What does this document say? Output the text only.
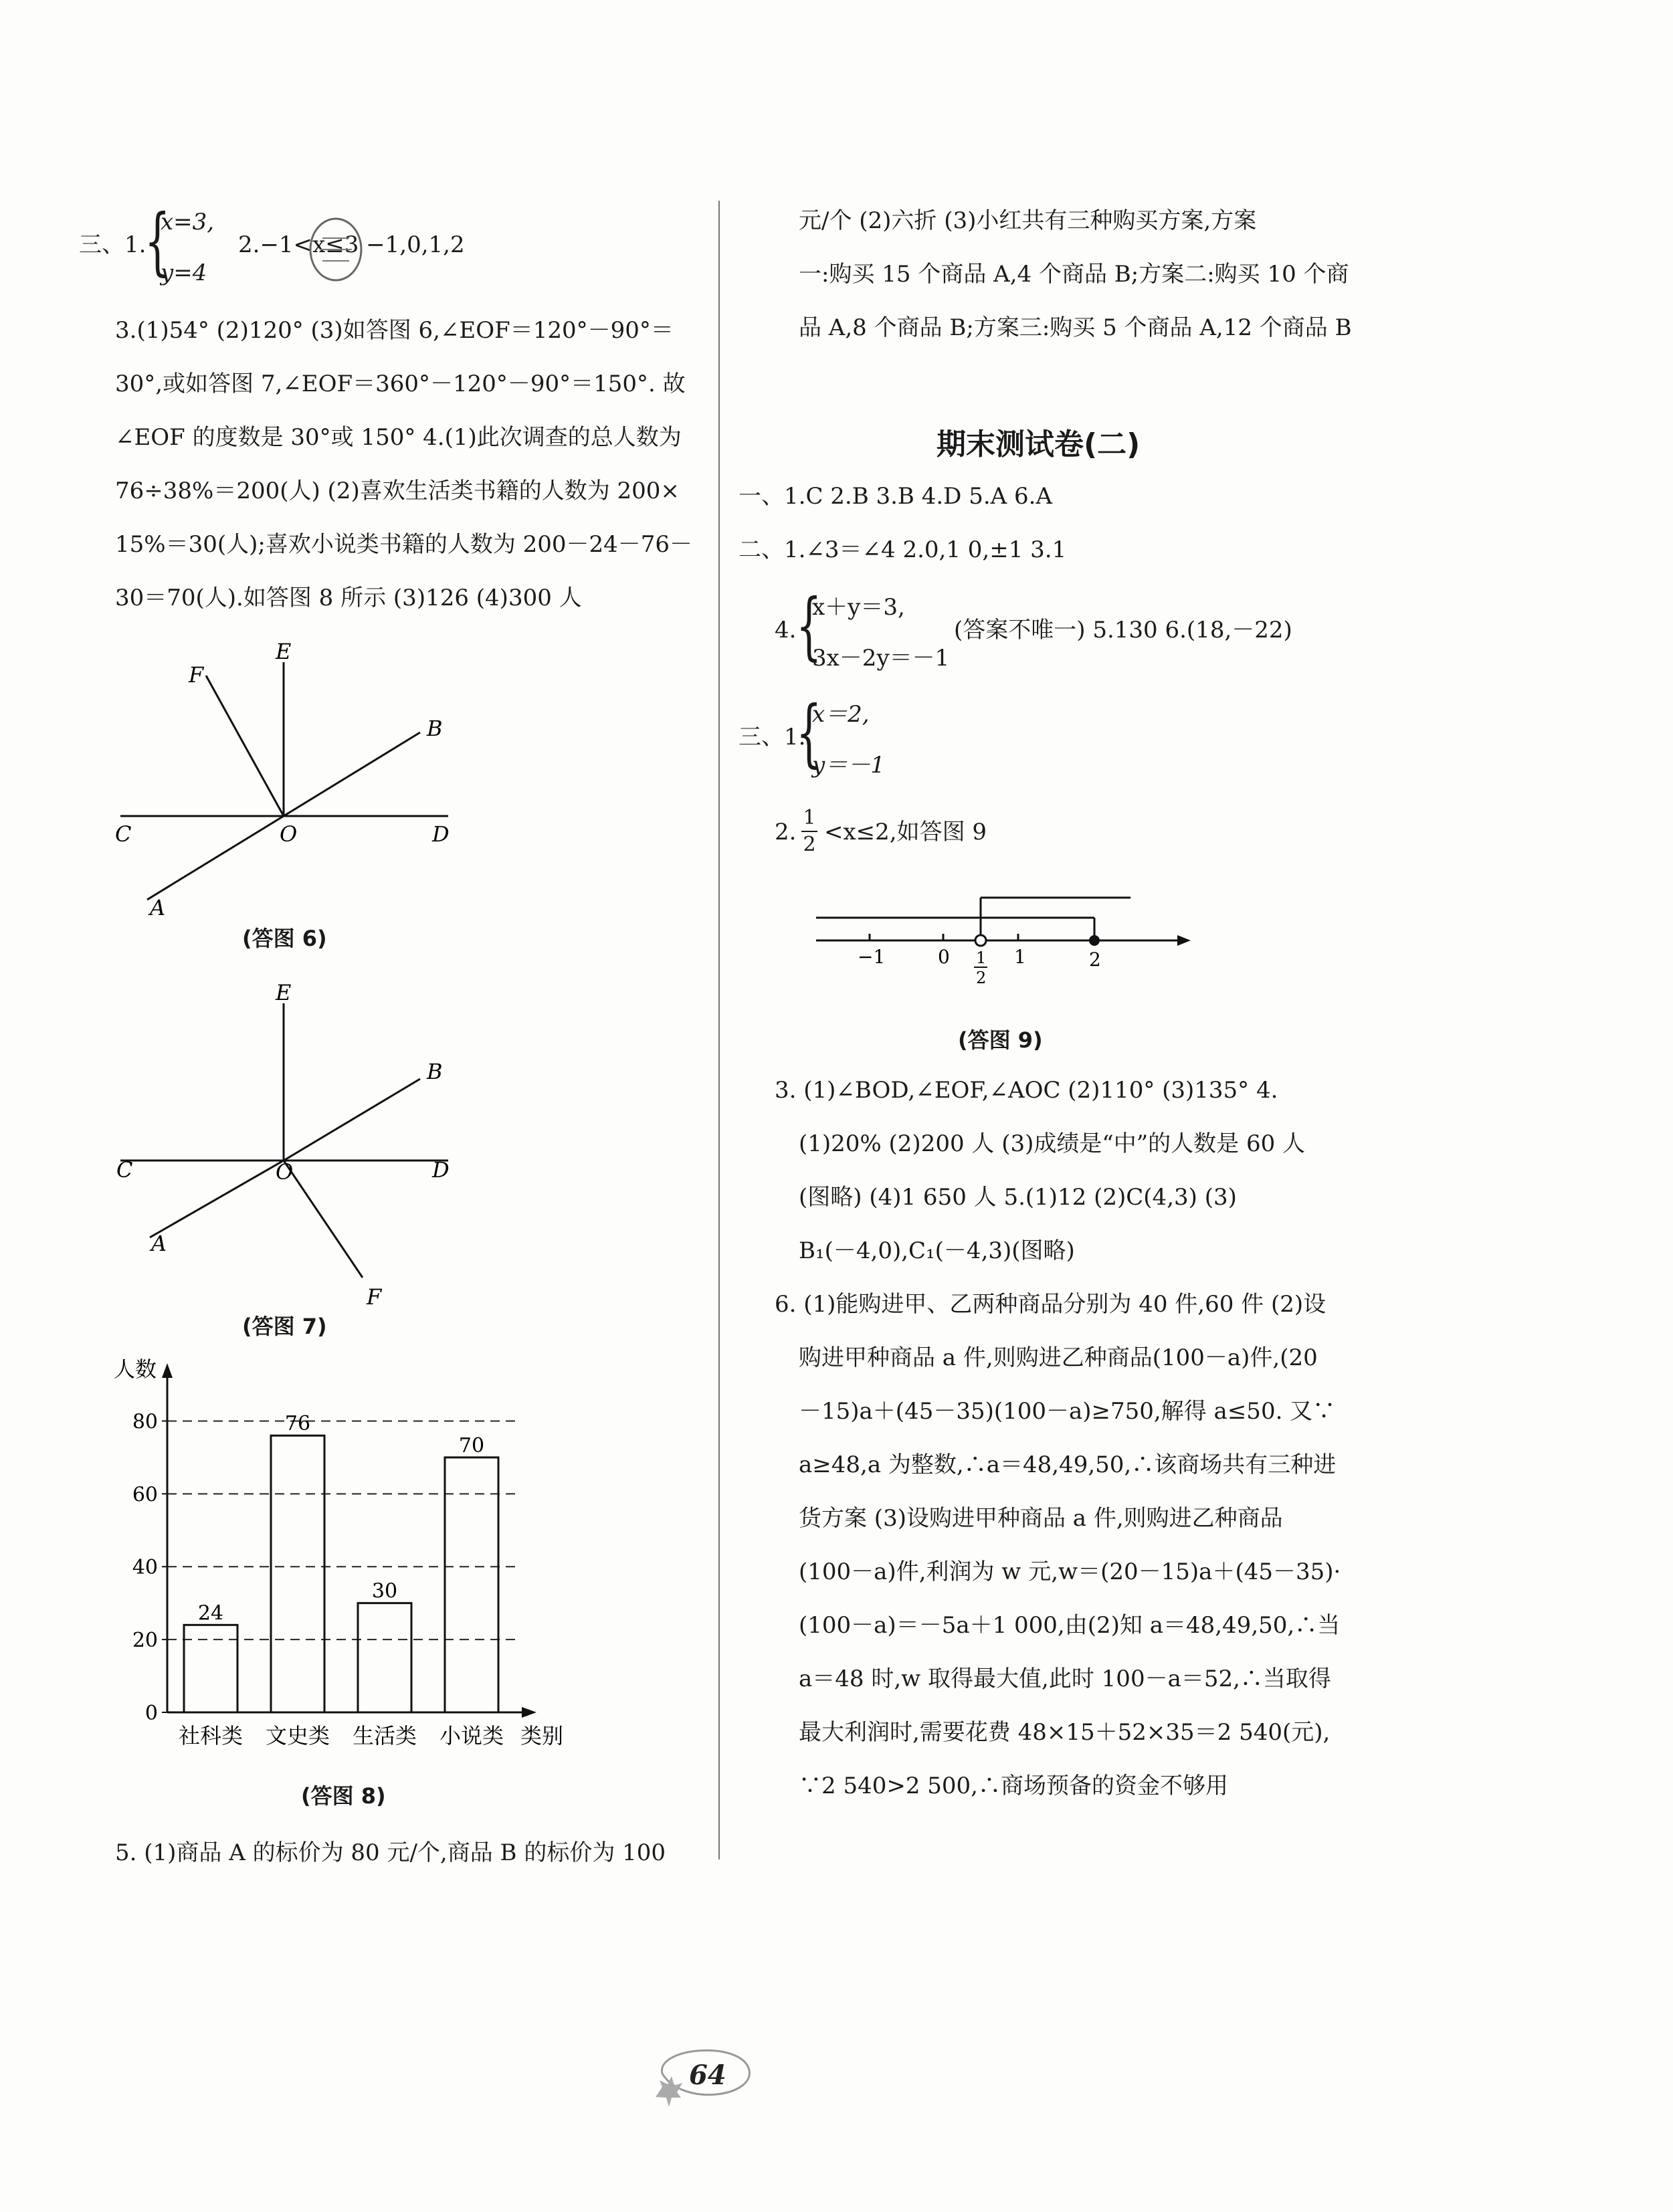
三、1.
{
x=3,
y=4
2.−1<x≤3 −1,0,1,2
3.(1)54° (2)120° (3)如答图 6,∠EOF＝120°－90°＝
30°,或如答图 7,∠EOF＝360°－120°－90°＝150°. 故
∠EOF 的度数是 30°或 150° 4.(1)此次调查的总人数为
76÷38%＝200(人) (2)喜欢生活类书籍的人数为 200×
15%＝30(人);喜欢小说类书籍的人数为 200－24－76－
30＝70(人).如答图 8 所示 (3)126 (4)300 人
E
F
B
C	O	D
A
(答图 6)
E
B
C	O	D
A
F
(答图 7)
0
20
40
60
80
人数
类别
24
社科类
76
文史类
30
生活类
70
小说类
(答图 8)
5. (1)商品 A 的标价为 80 元/个,商品 B 的标价为 100
元/个 (2)六折 (3)小红共有三种购买方案,方案
一:购买 15 个商品 A,4 个商品 B;方案二:购买 10 个商
品 A,8 个商品 B;方案三:购买 5 个商品 A,12 个商品 B
期末测试卷(二)
一、1.C 2.B 3.B 4.D 5.A 6.A
二、1.∠3＝∠4 2.0,1 0,±1 3.1
4. {
x＋y＝3,
3x－2y＝－1
(答案不唯一) 5.130 6.(18,－22)
三、1.
{
x＝2,
y＝－1
2.
1
2 <x≤2,如答图 9
−1	0	1	2
1
2
(答图 9)
3. (1)∠BOD,∠EOF,∠AOC (2)110° (3)135° 4.
(1)20% (2)200 人 (3)成绩是“中”的人数是 60 人
(图略) (4)1 650 人 5.(1)12 (2)C(4,3) (3)
B₁(－4,0),C₁(－4,3)(图略)
6. (1)能购进甲、乙两种商品分别为 40 件,60 件 (2)设
购进甲种商品 a 件,则购进乙种商品(100－a)件,(20
－15)a＋(45－35)(100－a)≥750,解得 a≤50. 又∵
a≥48,a 为整数,∴a＝48,49,50,∴该商场共有三种进
货方案 (3)设购进甲种商品 a 件,则购进乙种商品
(100－a)件,利润为 w 元,w＝(20－15)a＋(45－35)·
(100－a)＝－5a＋1 000,由(2)知 a＝48,49,50,∴当
a＝48 时,w 取得最大值,此时 100－a＝52,∴当取得
最大利润时,需要花费 48×15＋52×35＝2 540(元),
∵2 540>2 500,∴商场预备的资金不够用
64
